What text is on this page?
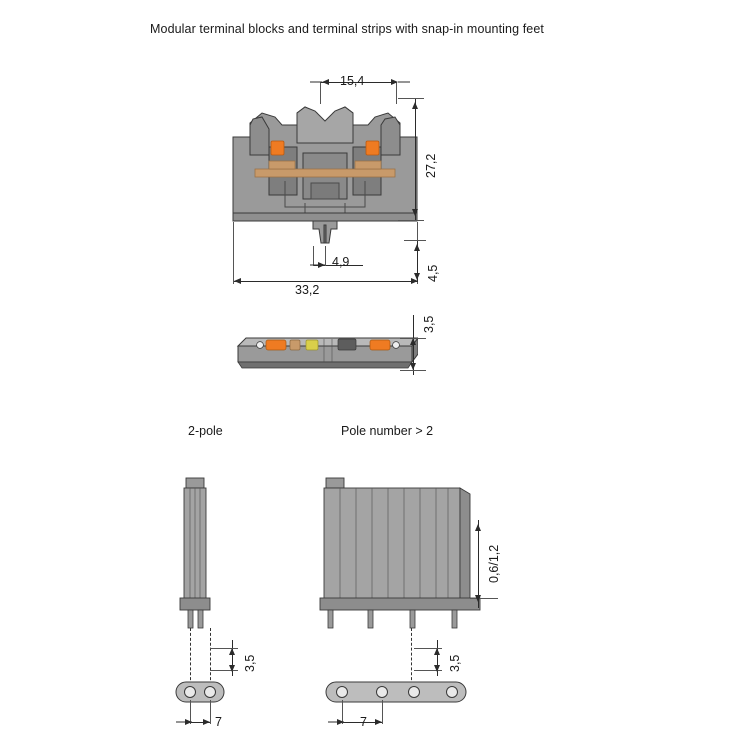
Modular terminal blocks and terminal strips with snap-in mounting feet
15,4
27,2
4,9
33,2
4,5
3,5
2-pole	Pole number > 2
3,5
7
0,6/1,2
3,5
7
